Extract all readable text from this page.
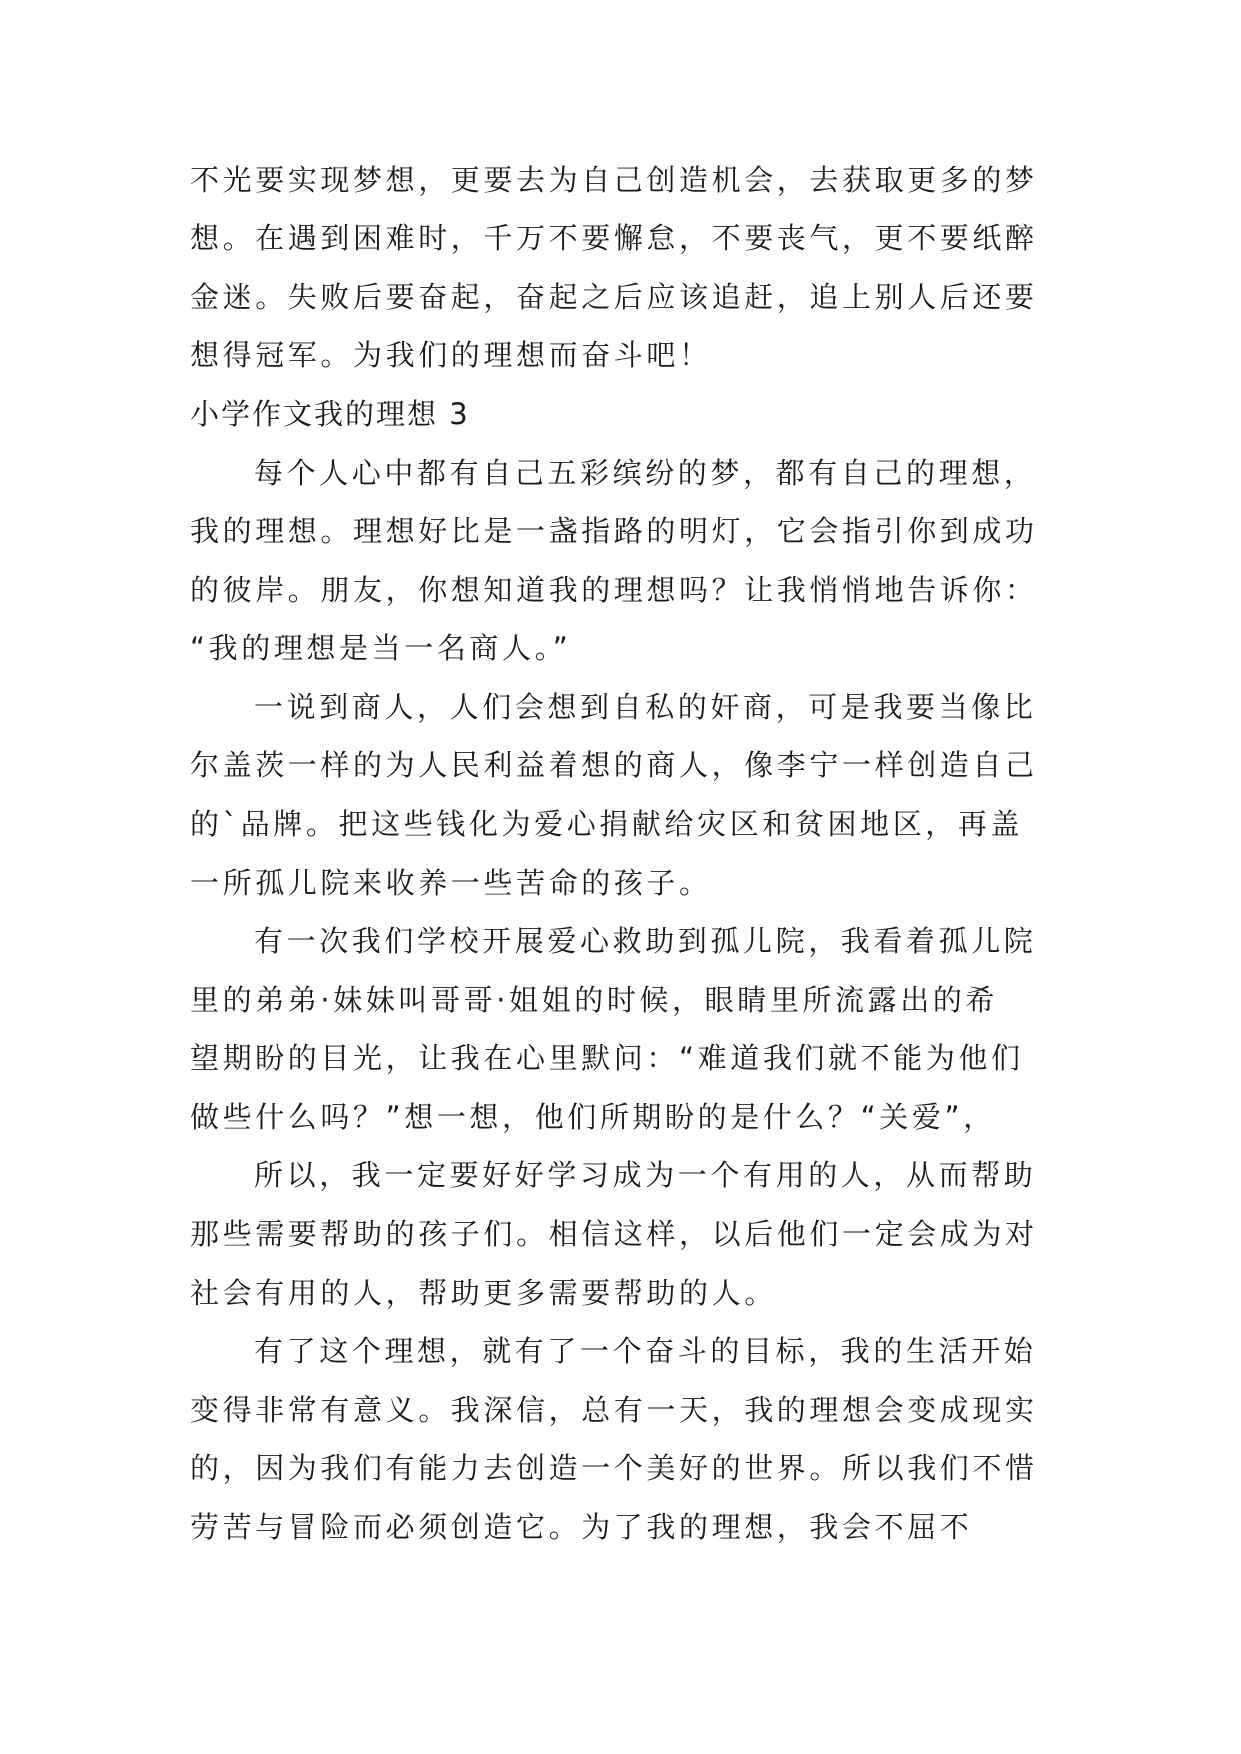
不光要实现梦想，更要去为自己创造机会，去获取更多的梦
想。在遇到困难时，千万不要懈怠，不要丧气，更不要纸醉
金迷。失败后要奋起，奋起之后应该追赶，追上别人后还要
想得冠军。为我们的理想而奋斗吧！
小学作文我的理想 3
每个人心中都有自己五彩缤纷的梦，都有自己的理想，
我的理想。理想好比是一盏指路的明灯，它会指引你到成功
的彼岸。朋友，你想知道我的理想吗？让我悄悄地告诉你：
“我的理想是当一名商人。”
一说到商人，人们会想到自私的奸商，可是我要当像比
尔盖茨一样的为人民利益着想的商人，像李宁一样创造自己
的`品牌。把这些钱化为爱心捐献给灾区和贫困地区，再盖
一所孤儿院来收养一些苦命的孩子。
有一次我们学校开展爱心救助到孤儿院，我看着孤儿院
里的弟弟·妹妹叫哥哥·姐姐的时候，眼睛里所流露出的希
望期盼的目光，让我在心里默问：“难道我们就不能为他们
做些什么吗？”想一想，他们所期盼的是什么？“关爱”，
所以，我一定要好好学习成为一个有用的人，从而帮助
那些需要帮助的孩子们。相信这样，以后他们一定会成为对
社会有用的人，帮助更多需要帮助的人。
有了这个理想，就有了一个奋斗的目标，我的生活开始
变得非常有意义。我深信，总有一天，我的理想会变成现实
的，因为我们有能力去创造一个美好的世界。所以我们不惜
劳苦与冒险而必须创造它。为了我的理想，我会不屈不
